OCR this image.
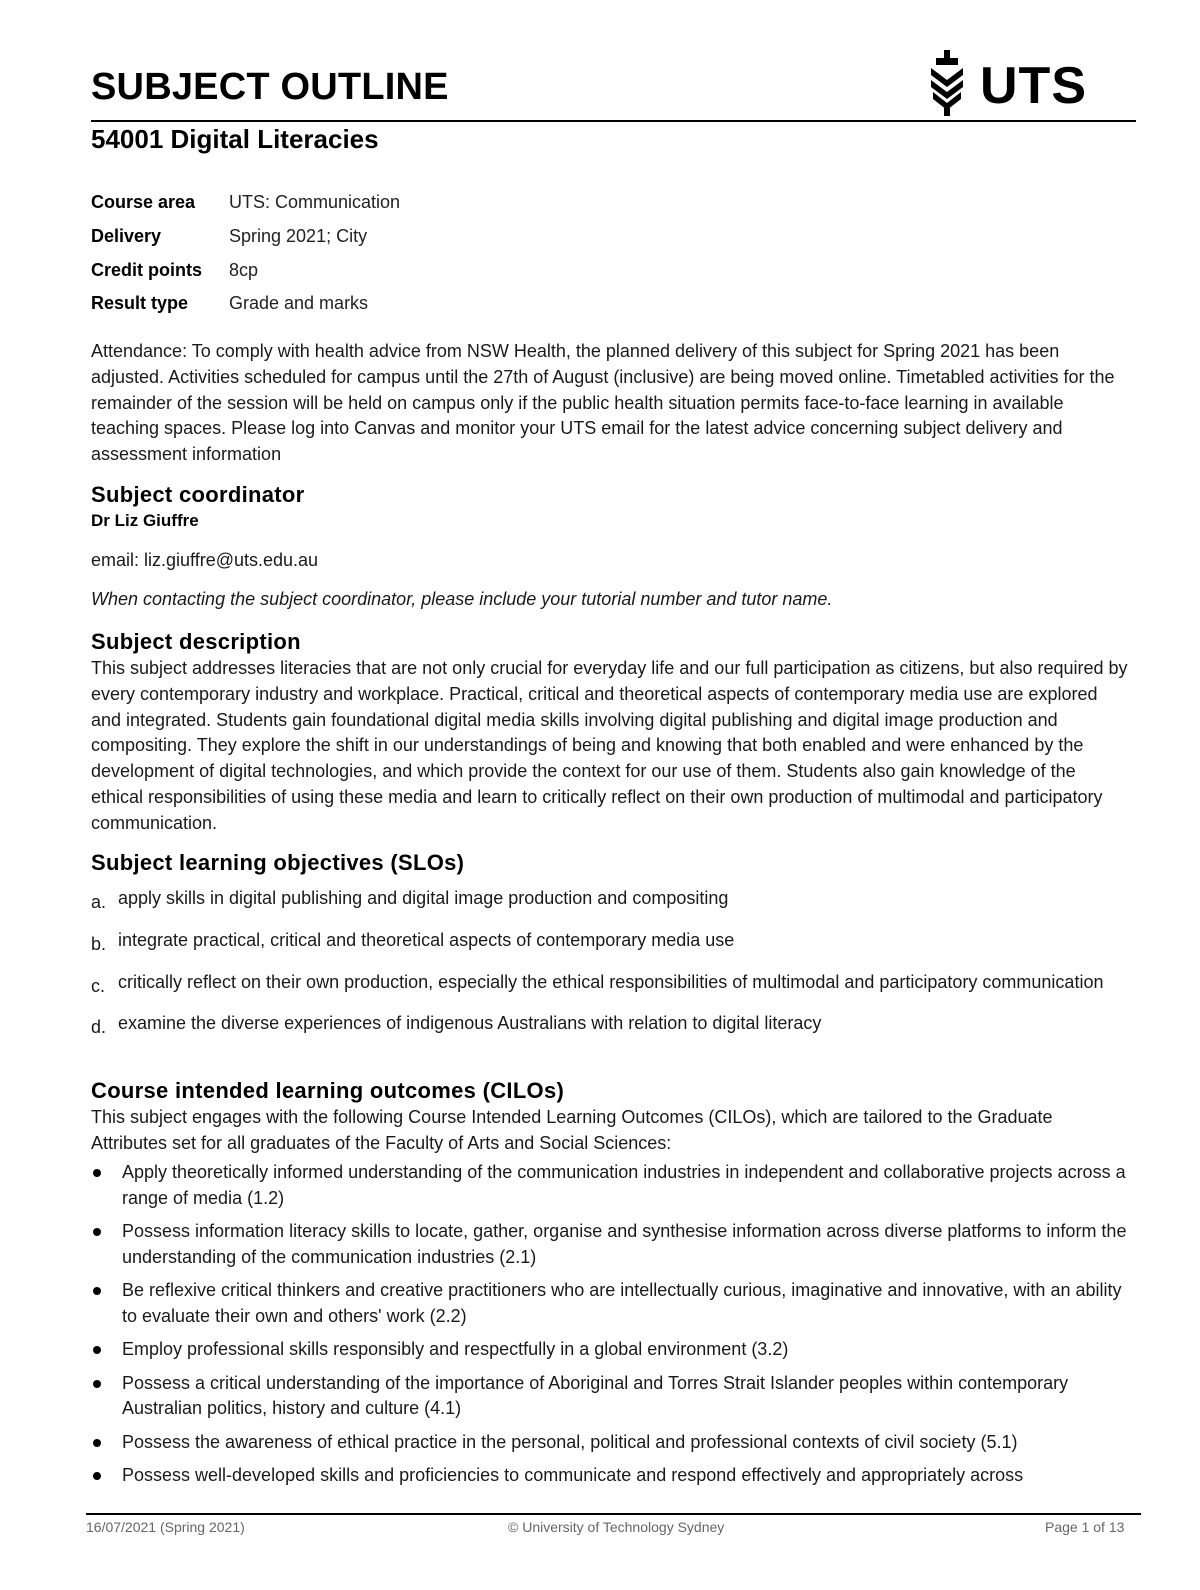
SUBJECT OUTLINE	UTS
54001 Digital Literacies
Course area	UTS: Communication
Delivery	Spring 2021; City
Credit points	8cp
Result type	Grade and marks

Attendance: To comply with health advice from NSW Health, the planned delivery of this subject for Spring 2021 has been adjusted. Activities scheduled for campus until the 27th of August (inclusive) are being moved online. Timetabled activities for the remainder of the session will be held on campus only if the public health situation permits face-to-face learning in available teaching spaces. Please log into Canvas and monitor your UTS email for the latest advice concerning subject delivery and assessment information

Subject coordinator
Dr Liz Giuffre
email: liz.giuffre@uts.edu.au
When contacting the subject coordinator, please include your tutorial number and tutor name.
Subject description

This subject addresses literacies that are not only crucial for everyday life and our full participation as citizens, but also required by every contemporary industry and workplace. Practical, critical and theoretical aspects of contemporary media use are explored and integrated. Students gain foundational digital media skills involving digital publishing and digital image production and compositing. They explore the shift in our understandings of being and knowing that both enabled and were enhanced by the development of digital technologies, and which provide the context for our use of them. Students also gain knowledge of the ethical responsibilities of using these media and learn to critically reflect on their own production of multimodal and participatory communication.

Subject learning objectives (SLOs)
a. apply skills in digital publishing and digital image production and compositing
b. integrate practical, critical and theoretical aspects of contemporary media use
c. critically reflect on their own production, especially the ethical responsibilities of multimodal and participatory communication
d. examine the diverse experiences of indigenous Australians with relation to digital literacy
Course intended learning outcomes (CILOs)

This subject engages with the following Course Intended Learning Outcomes (CILOs), which are tailored to the Graduate Attributes set for all graduates of the Faculty of Arts and Social Sciences:

Apply theoretically informed understanding of the communication industries in independent and collaborative projects across a range of media (1.2)
Possess information literacy skills to locate, gather, organise and synthesise information across diverse platforms to inform the understanding of the communication industries (2.1)
Be reflexive critical thinkers and creative practitioners who are intellectually curious, imaginative and innovative, with an ability to evaluate their own and others' work (2.2)
Employ professional skills responsibly and respectfully in a global environment (3.2)
Possess a critical understanding of the importance of Aboriginal and Torres Strait Islander peoples within contemporary Australian politics, history and culture (4.1)
Possess the awareness of ethical practice in the personal, political and professional contexts of civil society (5.1)
Possess well-developed skills and proficiencies to communicate and respond effectively and appropriately across
16/07/2021 (Spring 2021)	© University of Technology Sydney	Page 1 of 13
